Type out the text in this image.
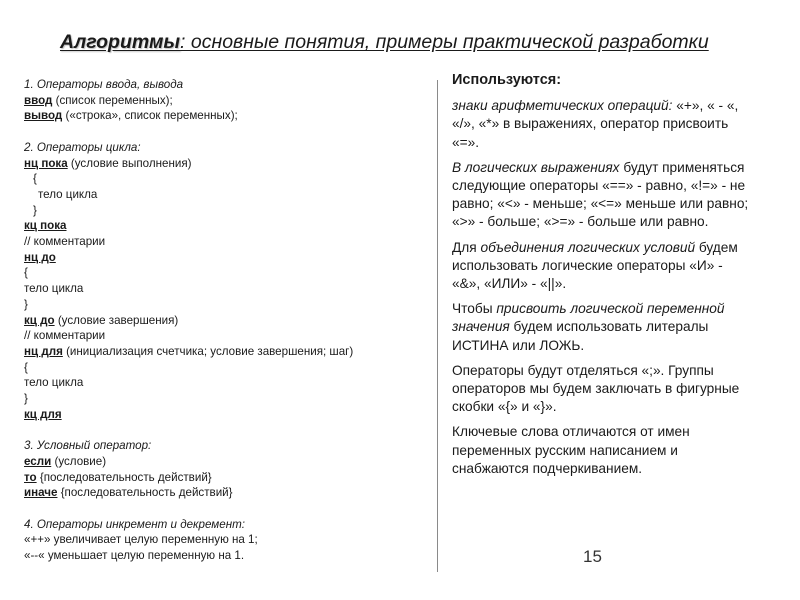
Алгоритмы: основные понятия, примеры практической разработки
1. Операторы ввода, вывода
ввод (список переменных);
вывод («строка», список переменных);
2. Операторы цикла:
нц пока (условие выполнения)
{
тело цикла
}
кц пока
// комментарии
нц до
{
тело цикла
}
кц до (условие завершения)
// комментарии
нц для (инициализация счетчика; условие завершения; шаг)
{
тело цикла
}
кц для
3. Условный оператор:
если (условие)
то {последовательность действий}
иначе {последовательность действий}
4. Операторы инкремент и декремент:
«++» увеличивает целую переменную на 1;
«--« уменьшает целую переменную на 1.
Используются:

знаки арифметических операций: «+», « - «, «/», «*» в выражениях, оператор присвоить «=».

В логических выражениях будут применяться следующие операторы «==» - равно, «!=» - не равно; «<» - меньше; «<=» меньше или равно; «>» - больше; «>=» - больше или равно.

Для объединения логических условий будем использовать логические операторы «И» - «&», «ИЛИ» - «||».

Чтобы присвоить логической переменной значения будем использовать литералы ИСТИНА или ЛОЖЬ.

Операторы будут отделяться «;». Группы операторов мы будем заключать в фигурные скобки «{» и «}».

Ключевые слова отличаются от имен переменных русским написанием и снабжаются подчеркиванием.

15
